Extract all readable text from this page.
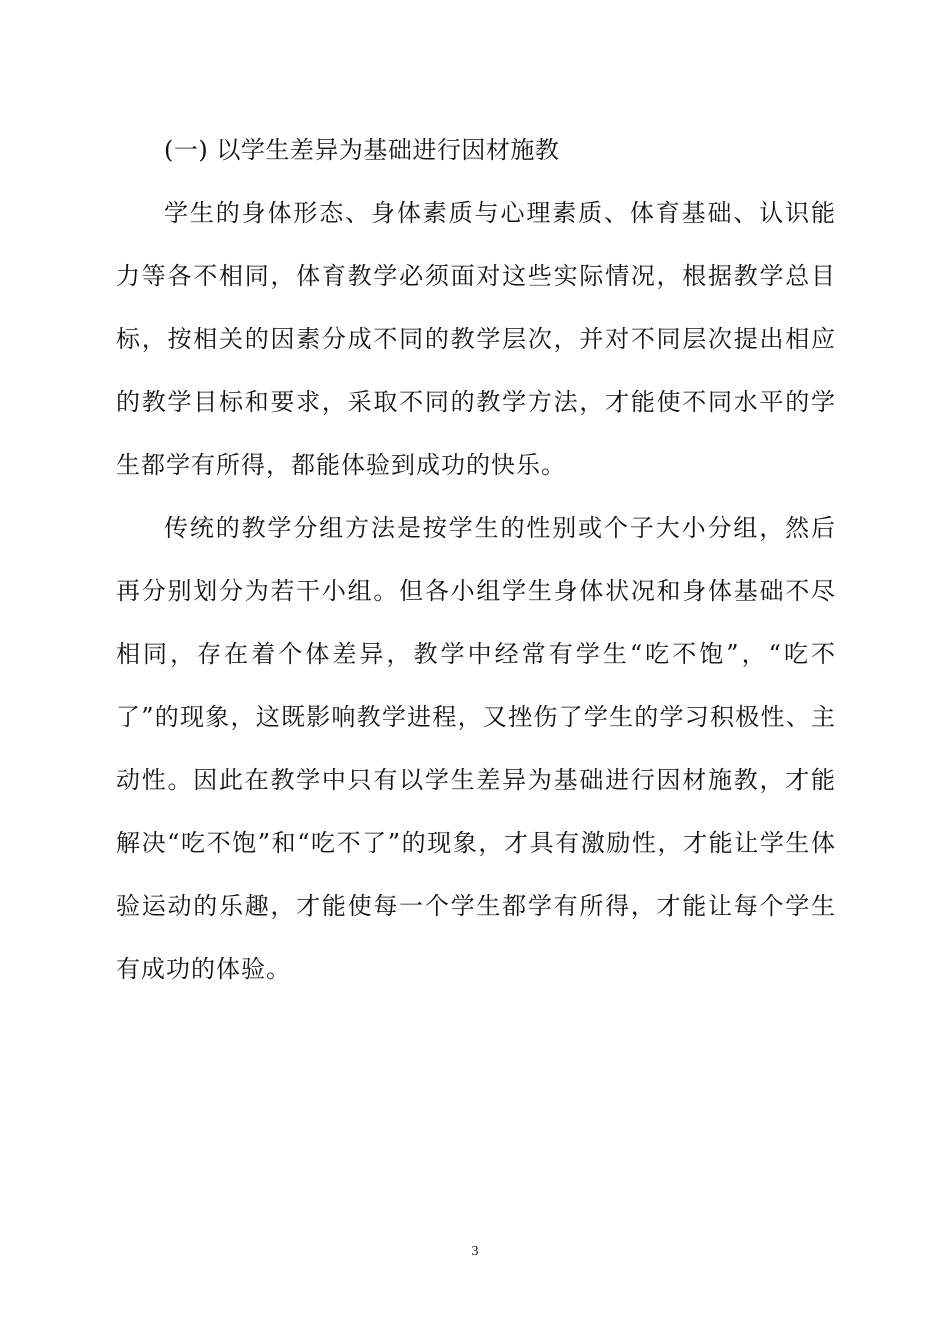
(一) 以学生差异为基础进行因材施教

学生的身体形态、身体素质与心理素质、体育基础、认识能力等各不相同，体育教学必须面对这些实际情况，根据教学总目标，按相关的因素分成不同的教学层次，并对不同层次提出相应的教学目标和要求，采取不同的教学方法，才能使不同水平的学生都学有所得，都能体验到成功的快乐。

传统的教学分组方法是按学生的性别或个子大小分组，然后再分别划分为若干小组。但各小组学生身体状况和身体基础不尽相同，存在着个体差异，教学中经常有学生“吃不饱”，“吃不了”的现象，这既影响教学进程，又挫伤了学生的学习积极性、主动性。因此在教学中只有以学生差异为基础进行因材施教，才能解决“吃不饱”和“吃不了”的现象，才具有激励性，才能让学生体验运动的乐趣，才能使每一个学生都学有所得，才能让每个学生有成功的体验。

3
